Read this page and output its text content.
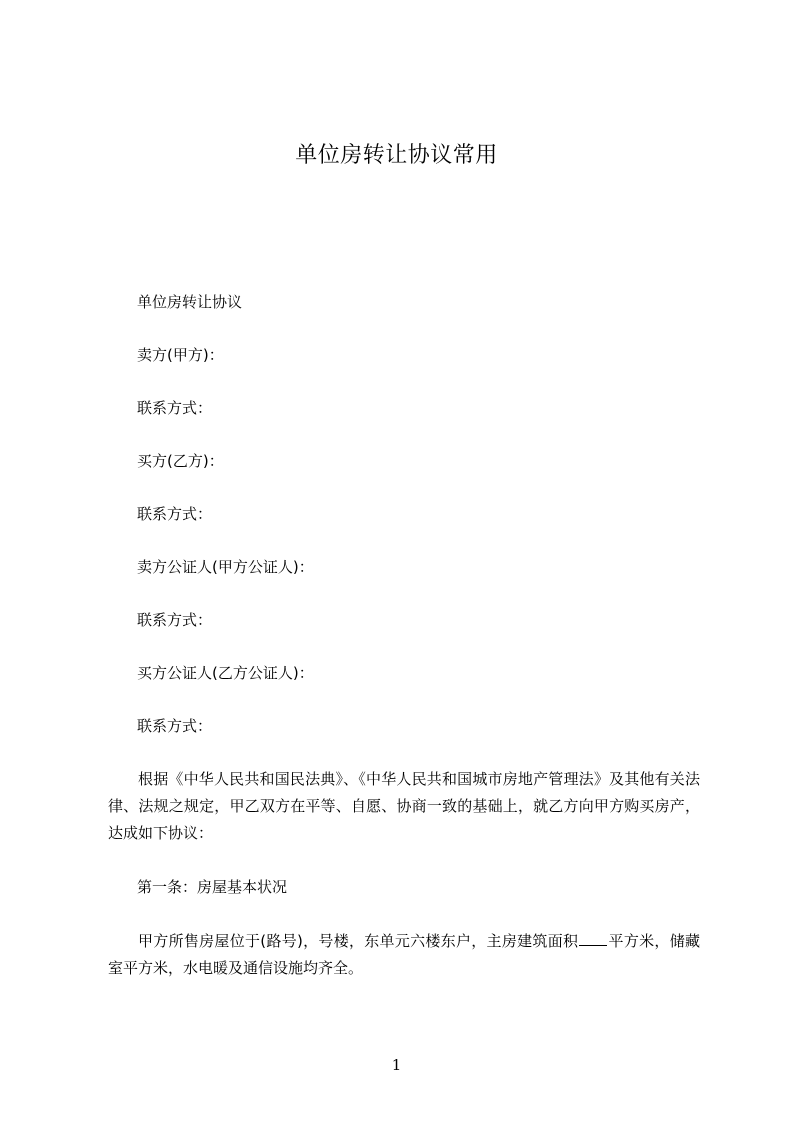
单位房转让协议常用
单位房转让协议
卖方(甲方)：
联系方式：
买方(乙方)：
联系方式：
卖方公证人(甲方公证人)：
联系方式：
买方公证人(乙方公证人)：
联系方式：

根据《中华人民共和国民法典》、《中华人民共和国城市房地产管理法》及其他有关法律、法规之规定，甲乙双方在平等、自愿、协商一致的基础上，就乙方向甲方购买房产，达成如下协议：

第一条：房屋基本状况

甲方所售房屋位于(路号)，号楼，东单元六楼东户，主房建筑面积 平方米，储藏室平方米，水电暖及通信设施均齐全。

1
